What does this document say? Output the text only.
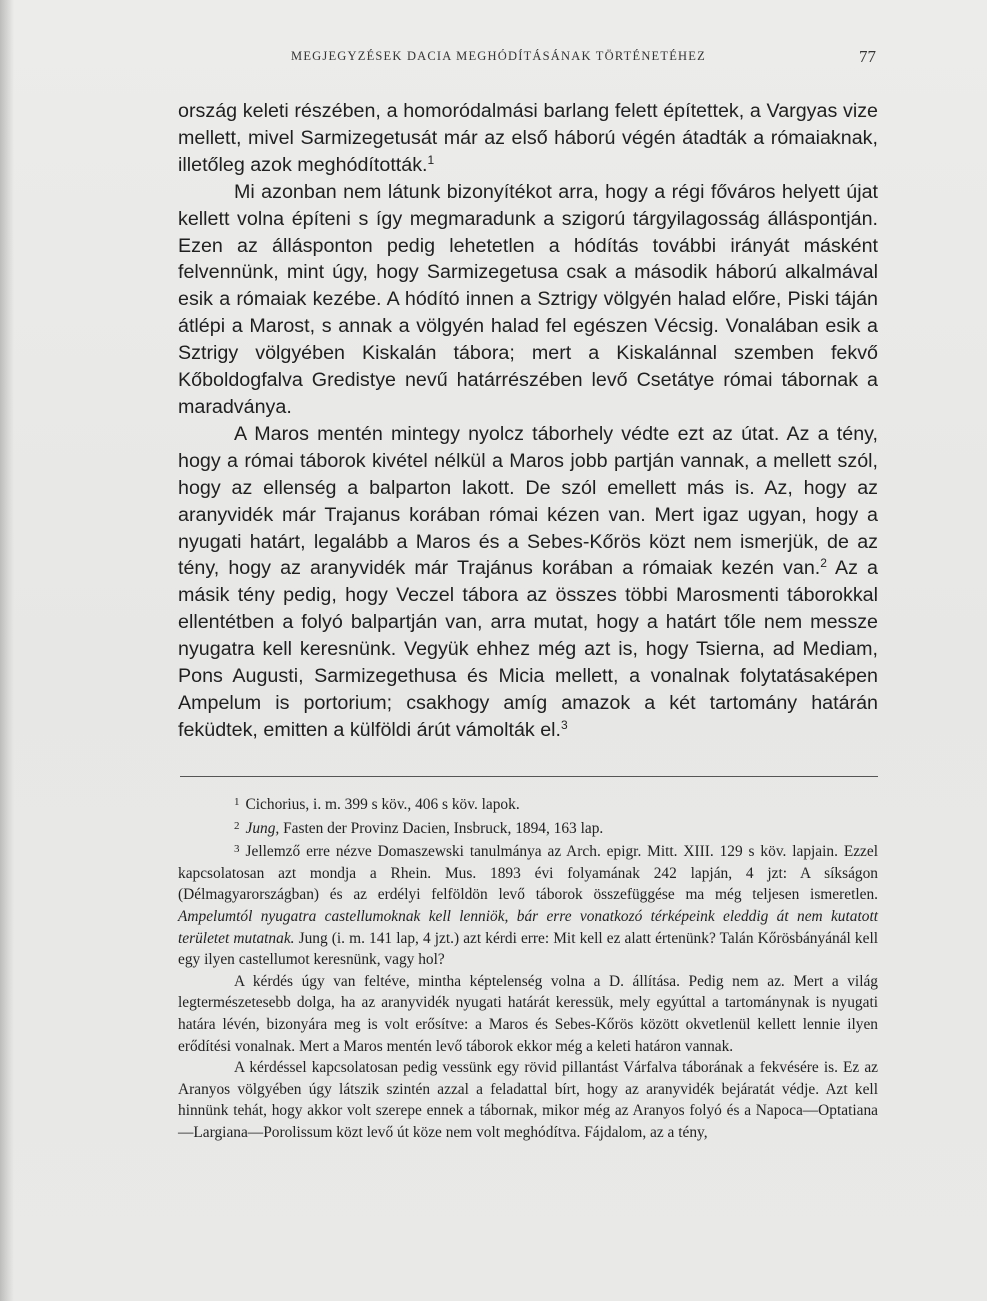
MEGJEGYZÉSEK DACIA MEGHÓDÍTÁSÁNAK TÖRTÉNETÉHEZ	77

ország keleti részében, a homoródalmási barlang felett építettek, a Vargyas vize mellett, mivel Sarmizegetusát már az első háború végén átadták a rómaiaknak, illetőleg azok meghódították.$^1$

Mi azonban nem látunk bizonyítékot arra, hogy a régi főváros helyett újat kellett volna építeni s így megmaradunk a szigorú tárgyilagosság álláspontján. Ezen az állásponton pedig lehetetlen a hódítás további irányát másként felvennünk, mint úgy, hogy Sarmizegetusa csak a második háború alkalmával esik a rómaiak kezébe. A hódító innen a Sztrigy völgyén halad előre, Piski táján átlépi a Marost, s annak a völgyén halad fel egészen Vécsig. Vonalában esik a Sztrigy völgyében Kiskalán tábora; mert a Kiskalánnal szemben fekvő Kőboldogfalva Gredistye nevű határrészében levő Csetátye római tábornak a maradványa.

A Maros mentén mintegy nyolcz táborhely védte ezt az útat. Az a tény, hogy a római táborok kivétel nélkül a Maros jobb partján vannak, a mellett szól, hogy az ellenség a balparton lakott. De szól emellett más is. Az, hogy az aranyvidék már Trajanus korában római kézen van. Mert igaz ugyan, hogy a nyugati határt, legalább a Maros és a Sebes-Kőrös közt nem ismerjük, de az tény, hogy az aranyvidék már Trajánus korában a rómaiak kezén van.$^2$ Az a másik tény pedig, hogy Veczel tábora az összes többi Marosmenti táborokkal ellentétben a folyó balpartján van, arra mutat, hogy a határt tőle nem messze nyugatra kell keresnünk. Vegyük ehhez még azt is, hogy Tsierna, ad Mediam, Pons Augusti, Sarmizegethusa és Micia mellett, a vonalnak folytatásaképen Ampelum is portorium; csakhogy amíg amazok a két tartomány határán feküdtek, emitten a külföldi árút vámolták el.$^3$

$^1$ Cichorius, i. m. 399 s köv., 406 s köv. lapok.

$^2$ Jung, Fasten der Provinz Dacien, Insbruck, 1894, 163 lap.

$^3$ Jellemző erre nézve Domaszewski tanulmánya az Arch. epigr. Mitt. XIII. 129 s köv. lapjain. Ezzel kapcsolatosan azt mondja a Rhein. Mus. 1893 évi folyamának 242 lapján, 4 jzt: A síkságon (Délmagyarországban) és az erdélyi felföldön levő táborok összefüggése ma még teljesen ismeretlen. Ampelumtól nyugatra castellumoknak kell lenniök, bár erre vonatkozó térképeink eleddig át nem kutatott területet mutatnak. Jung (i. m. 141 lap, 4 jzt.) azt kérdi erre: Mit kell ez alatt értenünk? Talán Kőrösbányánál kell egy ilyen castellumot keresnünk, vagy hol?

A kérdés úgy van feltéve, mintha képtelenség volna a D. állítása. Pedig nem az. Mert a világ legtermészetesebb dolga, ha az aranyvidék nyugati határát keressük, mely egyúttal a tartománynak is nyugati határa lévén, bizonyára meg is volt erősítve: a Maros és Sebes-Kőrös között okvetlenül kellett lennie ilyen erődítési vonalnak. Mert a Maros mentén levő táborok ekkor még a keleti határon vannak.

A kérdéssel kapcsolatosan pedig vessünk egy rövid pillantást Várfalva táborának a fekvésére is. Ez az Aranyos völgyében úgy látszik szintén azzal a feladattal bírt, hogy az aranyvidék bejáratát védje. Azt kell hinnünk tehát, hogy akkor volt szerepe ennek a tábornak, mikor még az Aranyos folyó és a Napoca—Optatiana—Largiana—Porolissum közt levő út köze nem volt meghódítva. Fájdalom, az a tény,
